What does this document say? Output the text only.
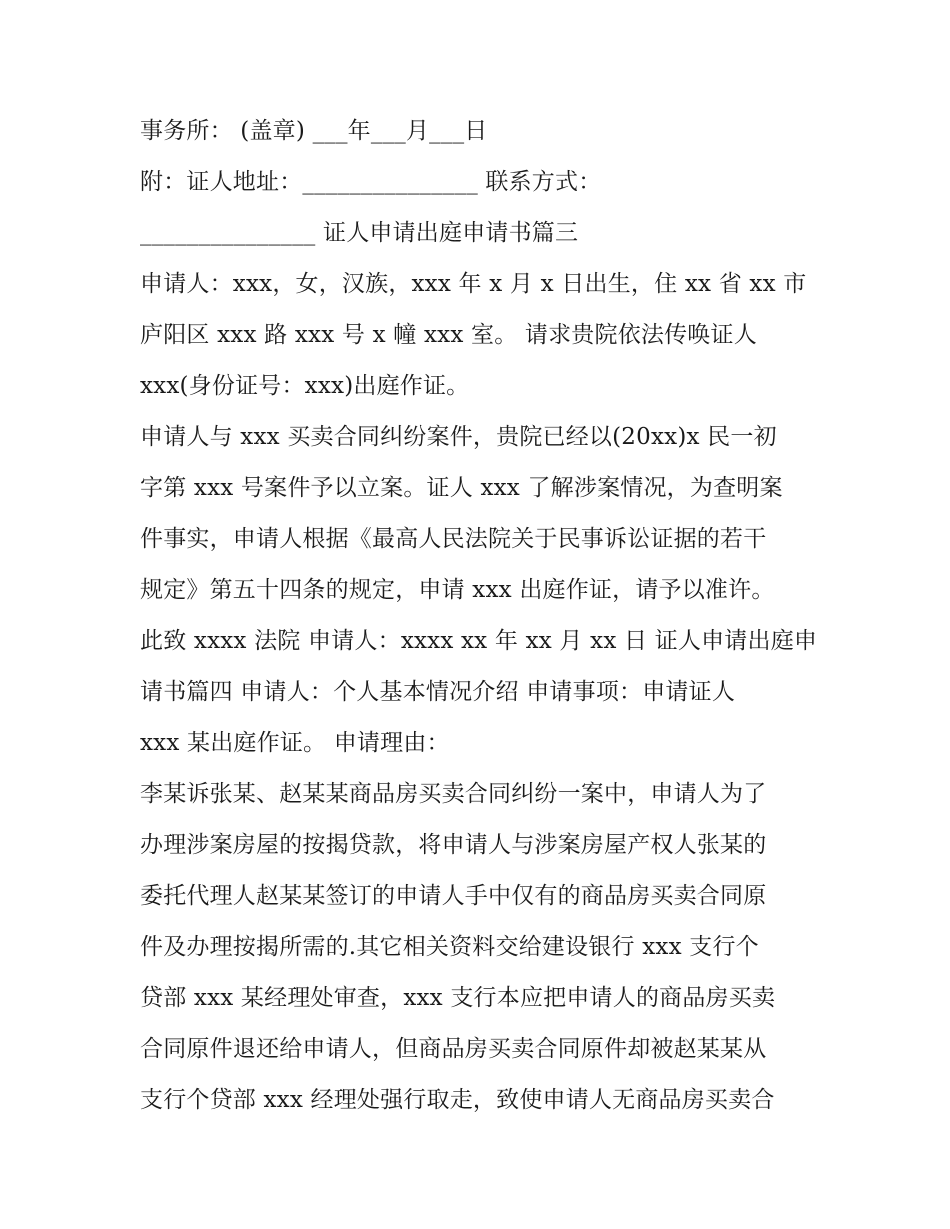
事务所： (盖章) ___年___月___日
附：证人地址：_______________ 联系方式：
_______________ 证人申请出庭申请书篇三
申请人：xxx，女，汉族，xxx 年 x 月 x 日出生，住 xx 省 xx 市
庐阳区 xxx 路 xxx 号 x 幢 xxx 室。 请求贵院依法传唤证人
xxx(身份证号：xxx)出庭作证。
申请人与 xxx 买卖合同纠纷案件，贵院已经以(20xx)x 民一初
字第 xxx 号案件予以立案。证人 xxx 了解涉案情况，为查明案
件事实，申请人根据《最高人民法院关于民事诉讼证据的若干
规定》第五十四条的规定，申请 xxx 出庭作证，请予以准许。
此致 xxxx 法院 申请人：xxxx xx 年 xx 月 xx 日 证人申请出庭申
请书篇四 申请人：个人基本情况介绍 申请事项：申请证人
xxx 某出庭作证。 申请理由：
李某诉张某、赵某某商品房买卖合同纠纷一案中，申请人为了
办理涉案房屋的按揭贷款，将申请人与涉案房屋产权人张某的
委托代理人赵某某签订的申请人手中仅有的商品房买卖合同原
件及办理按揭所需的.其它相关资料交给建设银行 xxx 支行个
贷部 xxx 某经理处审查，xxx 支行本应把申请人的商品房买卖
合同原件退还给申请人，但商品房买卖合同原件却被赵某某从
支行个贷部 xxx 经理处强行取走，致使申请人无商品房买卖合
